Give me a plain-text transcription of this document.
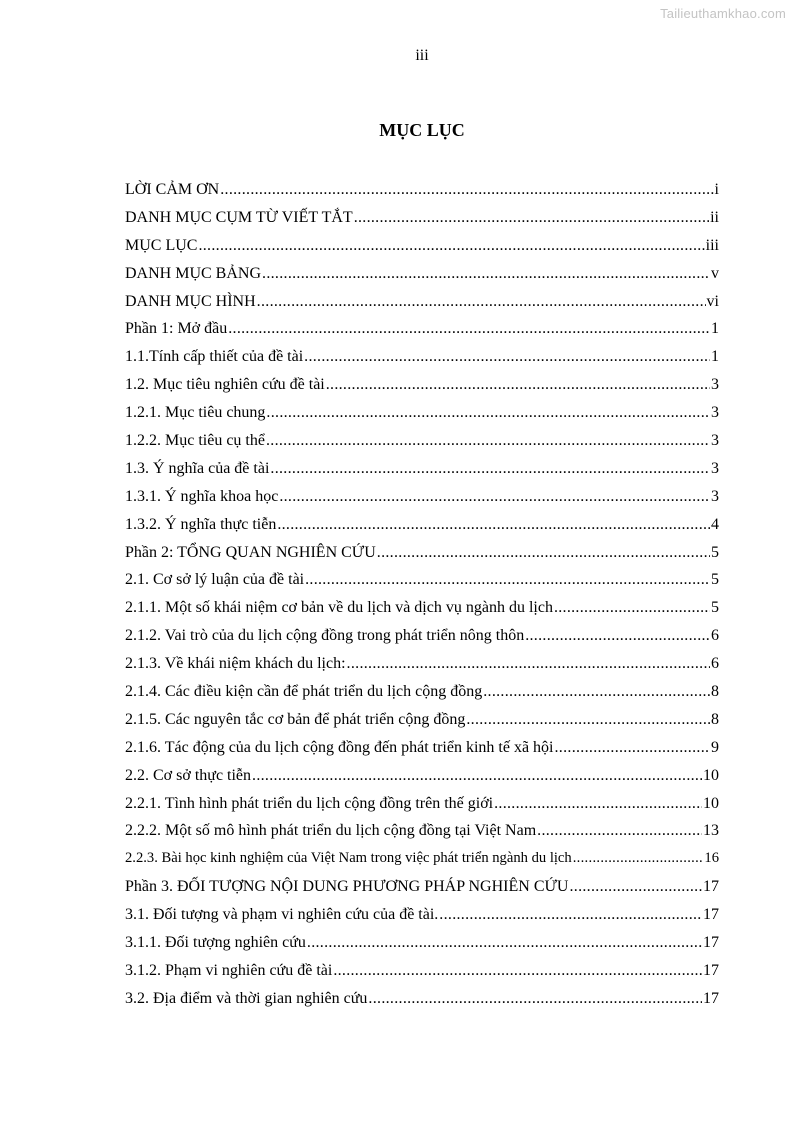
Tailieuthamkhao.com
iii
MỤC LỤC
LỜI CẢM ƠN .....	i
DANH MỤC CỤM TỪ VIẾT TẮT .....	ii
MỤC LỤC .....	iii
DANH MỤC BẢNG .....	v
DANH MỤC HÌNH .....	vi
Phần 1: Mở đầu .....	1
1.1.Tính cấp thiết của đề tài .....	1
1.2. Mục tiêu nghiên cứu đề tài .....	3
1.2.1. Mục tiêu chung .....	3
1.2.2. Mục tiêu cụ thể .....	3
1.3. Ý nghĩa của đề tài .....	3
1.3.1. Ý nghĩa khoa học .....	3
1.3.2. Ý nghĩa thực tiễn .....	4
Phần 2: TỔNG QUAN NGHIÊN CỨU .....	5
2.1. Cơ sở lý luận của đề tài .....	5
2.1.1. Một số khái niệm cơ bản về du lịch và dịch vụ ngành du lịch .....	5
2.1.2. Vai trò của du lịch cộng đồng trong phát triển nông thôn .....	6
2.1.3. Về khái niệm khách du lịch: .....	6
2.1.4. Các điều kiện cần để phát triển du lịch cộng đồng .....	8
2.1.5. Các nguyên tắc cơ bản để phát triển cộng đồng .....	8
2.1.6. Tác động của du lịch cộng đồng đến phát triển kinh tế xã hội .....	9
2.2. Cơ sở thực tiễn .....	10
2.2.1. Tình hình phát triển du lịch cộng đồng trên thế giới .....	10
2.2.2. Một số mô hình phát triển du lịch cộng đồng tại Việt Nam .....	13
2.2.3. Bài học kinh nghiệm của Việt Nam trong việc phát triển ngành du lịch .....	16
Phần 3. ĐỐI TƯỢNG NỘI DUNG PHƯƠNG PHÁP NGHIÊN CỨU .....	17
3.1. Đối tượng và phạm vi nghiên cứu của đề tài. .....	17
3.1.1. Đối tượng nghiên cứu .....	17
3.1.2. Phạm vi nghiên cứu đề tài .....	17
3.2. Địa điểm và thời gian nghiên cứu .....	17
